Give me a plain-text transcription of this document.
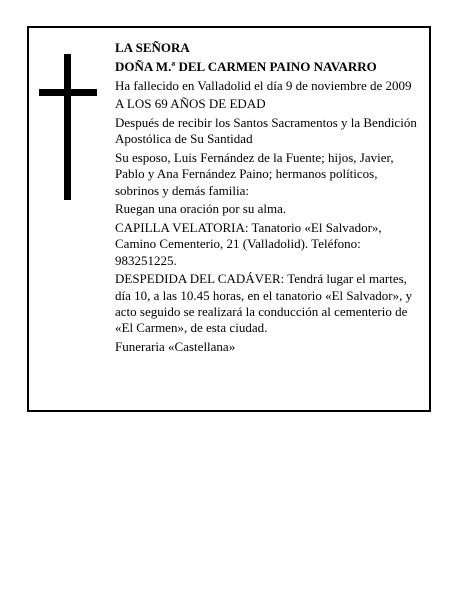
LA SEÑORA

DOÑA M.ª DEL CARMEN PAINO NAVARRO

Ha fallecido en Valladolid el día 9 de noviembre de 2009

A LOS 69 AÑOS DE EDAD

Después de recibir los Santos Sacramentos y la Bendición Apostólica de Su Santidad

Su esposo, Luis Fernández de la Fuente; hijos, Javier, Pablo y Ana Fernández Paino; hermanos políticos, sobrinos y demás familia:

Ruegan una oración por su alma.

CAPILLA VELATORIA: Tanatorio «El Salvador», Camino Cementerio, 21 (Valladolid). Teléfono: 983251225.

DESPEDIDA DEL CADÁVER: Tendrá lugar el martes, día 10, a las 10.45 horas, en el tanatorio «El Salvador», y acto seguido se realizará la conducción al cementerio de «El Carmen», de esta ciudad.

Funeraria «Castellana»
